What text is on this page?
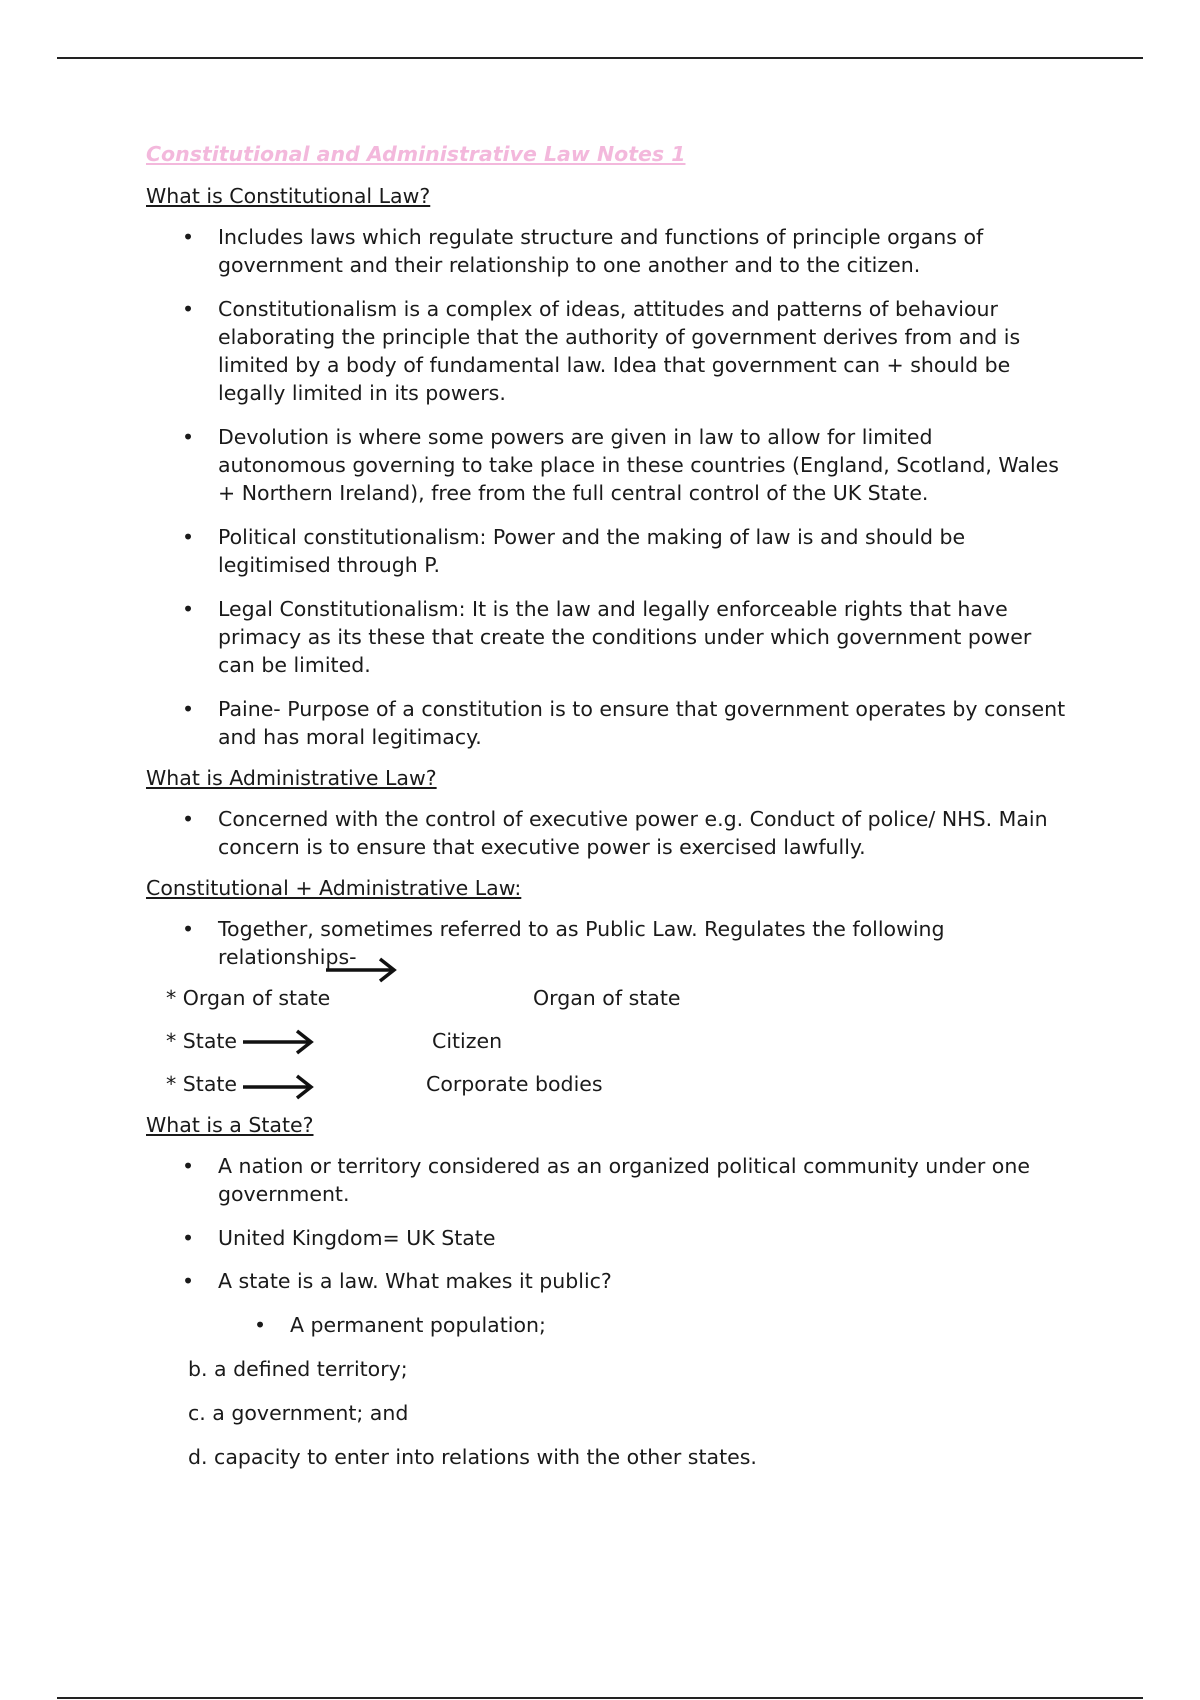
Constitutional and Administrative Law Notes 1
What is Constitutional Law?
• Includes laws which regulate structure and functions of principle organs of government and their relationship to one another and to the citizen.
• Constitutionalism is a complex of ideas, attitudes and patterns of behaviour elaborating the principle that the authority of government derives from and is limited by a body of fundamental law. Idea that government can + should be legally limited in its powers.
• Devolution is where some powers are given in law to allow for limited autonomous governing to take place in these countries (England, Scotland, Wales + Northern Ireland), free from the full central control of the UK State.
• Political constitutionalism: Power and the making of law is and should be legitimised through P.
• Legal Constitutionalism: It is the law and legally enforceable rights that have primacy as its these that create the conditions under which government power can be limited.
• Paine- Purpose of a constitution is to ensure that government operates by consent and has moral legitimacy.
What is Administrative Law?
• Concerned with the control of executive power e.g. Conduct of police/ NHS. Main concern is to ensure that executive power is exercised lawfully.
Constitutional + Administrative Law:
• Together, sometimes referred to as Public Law. Regulates the following relationships-
* Organ of state	Organ of state
* State	Citizen
* State	Corporate bodies
What is a State?
• A nation or territory considered as an organized political community under one government.
• United Kingdom= UK State
• A state is a law. What makes it public?
• A permanent population;
b. a defined territory;
c. a government; and
d. capacity to enter into relations with the other states.
